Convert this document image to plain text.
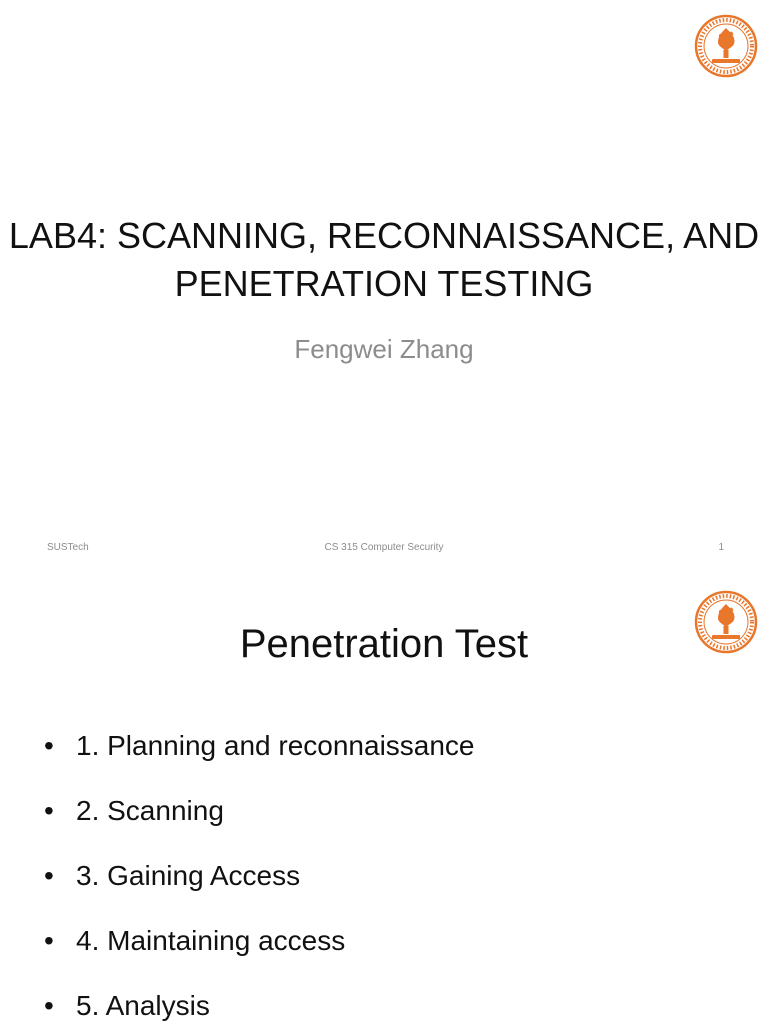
LAB4: SCANNING, RECONNAISSANCE, AND
PENETRATION TESTING
Fengwei Zhang
SUSTech	CS 315 Computer Security	1
Penetration Test
• 1. Planning and reconnaissance
• 2. Scanning
• 3. Gaining Access
• 4. Maintaining access
• 5. Analysis
